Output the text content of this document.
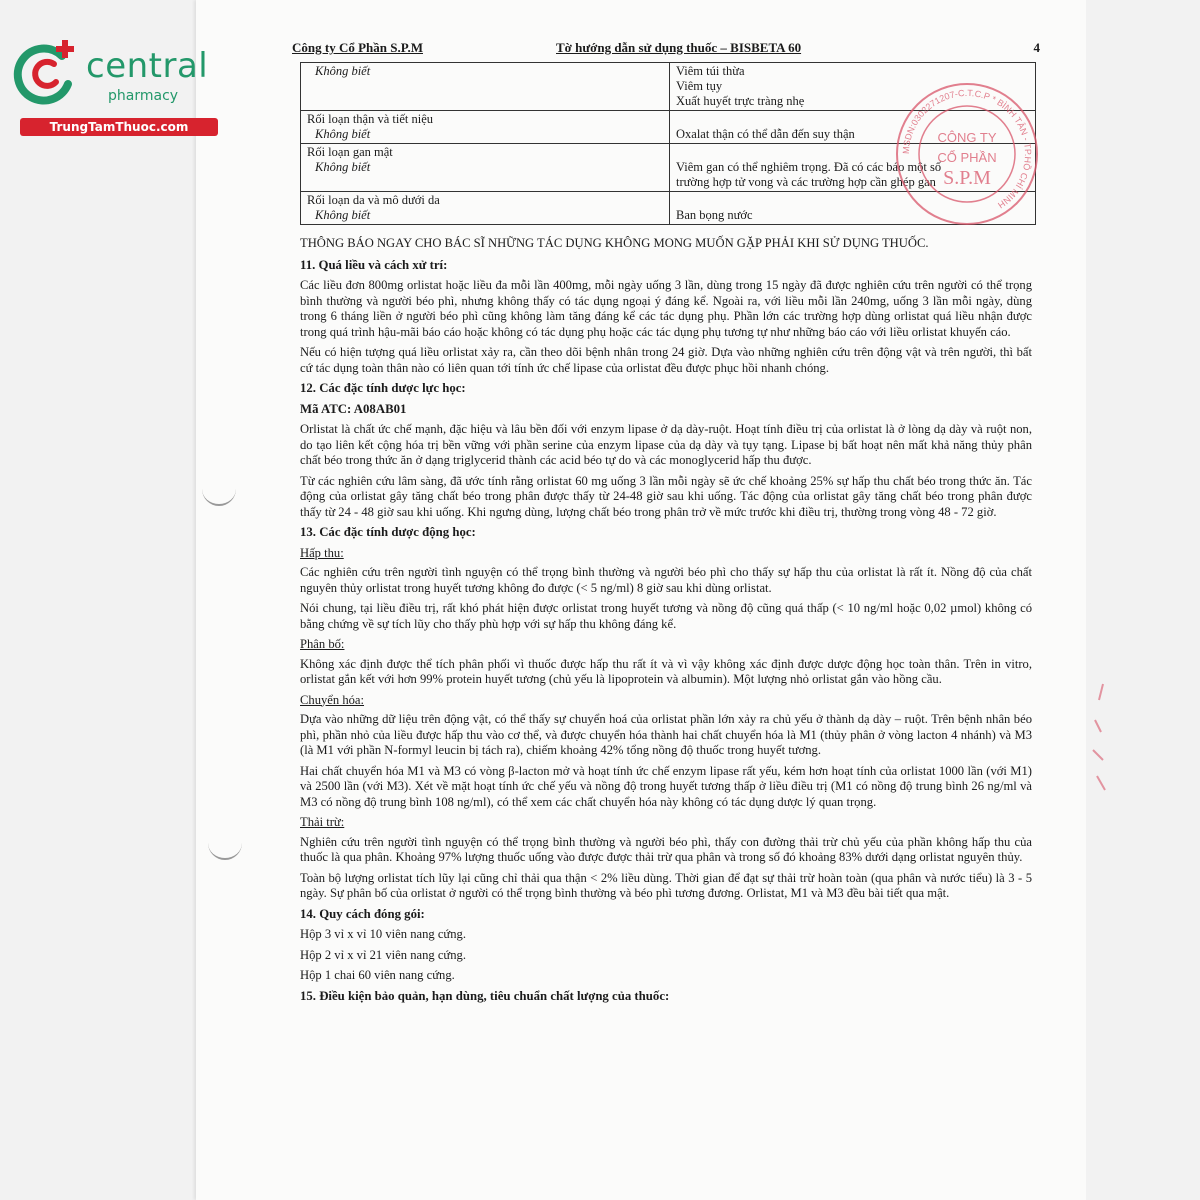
central
pharmacy
TrungTamThuoc.com
Công ty Cổ Phần S.P.M	Tờ hướng dẫn sử dụng thuốc – BISBETA 60	4
Không biết	Viêm túi thừa
Viêm tụy
Xuất huyết trực tràng nhẹ

Rối loạn thận và tiết niệu
Không biết	Oxalat thận có thể dẫn đến suy thận

Rối loạn gan mật
Không biết	Viêm gan có thể nghiêm trọng. Đã có các báo một số trường hợp tử vong và các trường hợp cần ghép gan

Rối loạn da và mô dưới da
Không biết	Ban bọng nước
MSDN:0302271207-C.T.C.P * BÌNH TÂN - TP.HỒ CHÍ MINH
CÔNG TY
CỔ PHẦN
S.P.M

THÔNG BÁO NGAY CHO BÁC SĨ NHỮNG TÁC DỤNG KHÔNG MONG MUỐN GẶP PHẢI KHI SỬ DỤNG THUỐC.

11. Quá liều và cách xử trí:

Các liều đơn 800mg orlistat hoặc liều đa mỗi lần 400mg, mỗi ngày uống 3 lần, dùng trong 15 ngày đã được nghiên cứu trên người có thể trọng bình thường và người béo phì, nhưng không thấy có tác dụng ngoại ý đáng kể. Ngoài ra, với liều mỗi lần 240mg, uống 3 lần mỗi ngày, dùng trong 6 tháng liền ở người béo phì cũng không làm tăng đáng kể các tác dụng phụ. Phần lớn các trường hợp dùng orlistat quá liều nhận được trong quá trình hậu-mãi báo cáo hoặc không có tác dụng phụ hoặc các tác dụng phụ tương tự như những báo cáo với liều orlistat khuyến cáo.

Nếu có hiện tượng quá liều orlistat xảy ra, cần theo dõi bệnh nhân trong 24 giờ. Dựa vào những nghiên cứu trên động vật và trên người, thì bất cứ tác dụng toàn thân nào có liên quan tới tính ức chế lipase của orlistat đều được phục hồi nhanh chóng.

12. Các đặc tính dược lực học:
Mã ATC: A08AB01

Orlistat là chất ức chế mạnh, đặc hiệu và lâu bền đối với enzym lipase ở dạ dày-ruột. Hoạt tính điều trị của orlistat là ở lòng dạ dày và ruột non, do tạo liên kết cộng hóa trị bền vững với phần serine của enzym lipase của dạ dày và tụy tạng. Lipase bị bất hoạt nên mất khả năng thủy phân chất béo trong thức ăn ở dạng triglycerid thành các acid béo tự do và các monoglycerid hấp thu được.

Từ các nghiên cứu lâm sàng, đã ước tính rằng orlistat 60 mg uống 3 lần mỗi ngày sẽ ức chế khoảng 25% sự hấp thu chất béo trong thức ăn. Tác động của orlistat gây tăng chất béo trong phân được thấy từ 24-48 giờ sau khi uống. Tác động của orlistat gây tăng chất béo trong phân được thấy từ 24 - 48 giờ sau khi uống. Khi ngưng dùng, lượng chất béo trong phân trở về mức trước khi điều trị, thường trong vòng 48 - 72 giờ.

13. Các đặc tính dược động học:
Hấp thu:

Các nghiên cứu trên người tình nguyện có thể trọng bình thường và người béo phì cho thấy sự hấp thu của orlistat là rất ít. Nồng độ của chất nguyên thủy orlistat trong huyết tương không đo được (< 5 ng/ml) 8 giờ sau khi dùng orlistat.

Nói chung, tại liều điều trị, rất khó phát hiện được orlistat trong huyết tương và nồng độ cũng quá thấp (< 10 ng/ml hoặc 0,02 µmol) không có bằng chứng về sự tích lũy cho thấy phù hợp với sự hấp thu không đáng kể.

Phân bố:

Không xác định được thể tích phân phối vì thuốc được hấp thu rất ít và vì vậy không xác định được dược động học toàn thân. Trên in vitro, orlistat gắn kết với hơn 99% protein huyết tương (chủ yếu là lipoprotein và albumin). Một lượng nhỏ orlistat gắn vào hồng cầu.

Chuyển hóa:

Dựa vào những dữ liệu trên động vật, có thể thấy sự chuyển hoá của orlistat phần lớn xảy ra chủ yếu ở thành dạ dày – ruột. Trên bệnh nhân béo phì, phần nhỏ của liều được hấp thu vào cơ thể, và được chuyển hóa thành hai chất chuyển hóa là M1 (thủy phân ở vòng lacton 4 nhánh) và M3 (là M1 với phần N-formyl leucin bị tách ra), chiếm khoảng 42% tổng nồng độ thuốc trong huyết tương.

Hai chất chuyển hóa M1 và M3 có vòng β-lacton mở và hoạt tính ức chế enzym lipase rất yếu, kém hơn hoạt tính của orlistat 1000 lần (với M1) và 2500 lần (với M3). Xét về mặt hoạt tính ức chế yếu và nồng độ trong huyết tương thấp ở liều điều trị (M1 có nồng độ trung bình 26 ng/ml và M3 có nồng độ trung bình 108 ng/ml), có thể xem các chất chuyển hóa này không có tác dụng dược lý quan trọng.

Thải trừ:

Nghiên cứu trên người tình nguyện có thể trọng bình thường và người béo phì, thấy con đường thải trừ chủ yếu của phần không hấp thu của thuốc là qua phân. Khoảng 97% lượng thuốc uống vào được được thải trừ qua phân và trong số đó khoảng 83% dưới dạng orlistat nguyên thủy.

Toàn bộ lượng orlistat tích lũy lại cũng chỉ thải qua thận < 2% liều dùng. Thời gian để đạt sự thải trừ hoàn toàn (qua phân và nước tiểu) là 3 - 5 ngày. Sự phân bố của orlistat ở người có thể trọng bình thường và béo phì tương đương. Orlistat, M1 và M3 đều bài tiết qua mật.

14. Quy cách đóng gói:

Hộp 3 vỉ x vỉ 10 viên nang cứng.

Hộp 2 vỉ x vỉ 21 viên nang cứng.

Hộp 1 chai 60 viên nang cứng.

15. Điều kiện bảo quản, hạn dùng, tiêu chuẩn chất lượng của thuốc:
